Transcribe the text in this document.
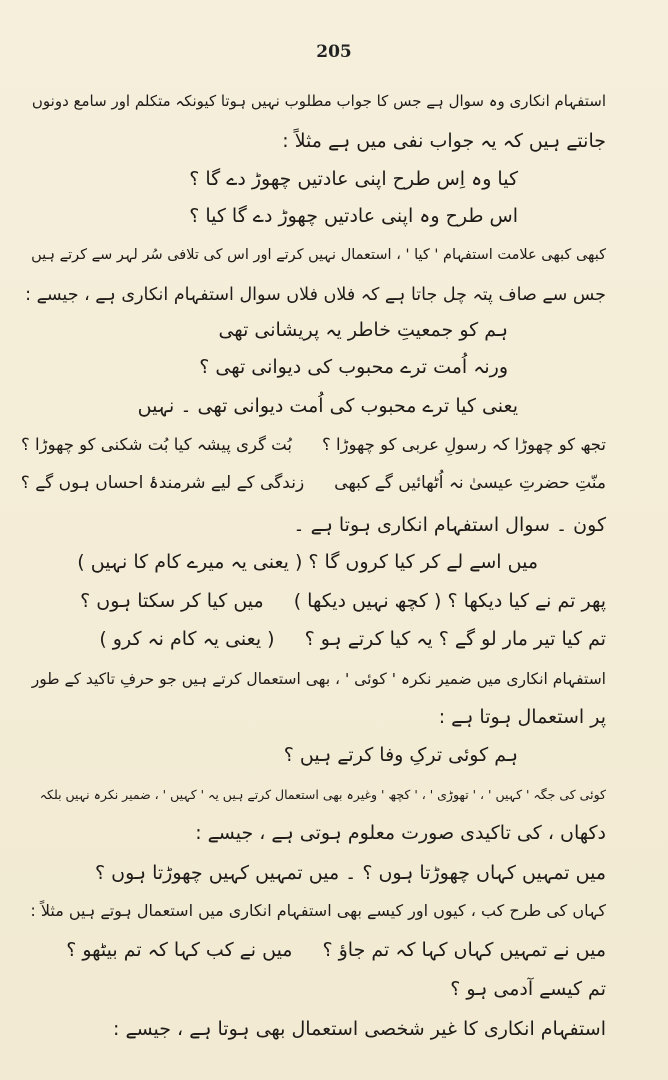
205
استفہام انکاری وہ سوال ہے جس کا جواب مطلوب نہیں ہوتا کیونکہ متکلم اور سامع دونوں
جانتے ہیں کہ یہ جواب نفی میں ہے مثلاً :
کیا وہ اِس طرح اپنی عادتیں چھوڑ دے گا ؟
اس طرح وہ اپنی عادتیں چھوڑ دے گا کیا ؟
کبھی کبھی علامت استفہام ' کیا ' ، استعمال نہیں کرتے اور اس کی تلافی سُر لہر سے کرتے ہیں
جس سے صاف پتہ چل جاتا ہے کہ فلاں فلاں سوال استفہام انکاری ہے ، جیسے :
ہم کو جمعیتِ خاطر یہ پریشانی تھی
ورنہ اُمت ترے محبوب کی دیوانی تھی ؟
یعنی کیا ترے محبوب کی اُمت دیوانی تھی ۔ نہیں
تجھ کو چھوڑا کہ رسولِ عربی کو چھوڑا ؟بُت گری پیشہ کیا بُت شکنی کو چھوڑا ؟
منّتِ حضرتِ عیسیٰ نہ اُٹھائیں گے کبھیزندگی کے لیے شرمندۂ احساں ہوں گے ؟
کون ۔ سوال استفہام انکاری ہوتا ہے ۔
میں اسے لے کر کیا کروں گا ؟ ( یعنی یہ میرے کام کا نہیں )
پھر تم نے کیا دیکھا ؟ ( کچھ نہیں دیکھا )میں کیا کر سکتا ہوں ؟
تم کیا تیر مار لو گے ؟ یہ کیا کرتے ہو ؟( یعنی یہ کام نہ کرو )
استفہام انکاری میں ضمیر نکرہ ' کوئی ' ، بھی استعمال کرتے ہیں جو حرفِ تاکید کے طور
پر استعمال ہوتا ہے :
ہم کوئی ترکِ وفا کرتے ہیں ؟
کوئی کی جگہ ' کہیں ' ، ' تھوڑی ' ، ' کچھ ' وغیرہ بھی استعمال کرتے ہیں یہ ' کہیں ' ، ضمیر نکرہ نہیں بلکہ
دکھاں ، کی تاکیدی صورت معلوم ہوتی ہے ، جیسے :
میں تمہیں کہاں چھوڑتا ہوں ؟ ۔ میں تمہیں کہیں چھوڑتا ہوں ؟
کہاں کی طرح کب ، کیوں اور کیسے بھی استفہام انکاری میں استعمال ہوتے ہیں مثلاً :
میں نے تمہیں کہاں کہا کہ تم جاؤ ؟میں نے کب کہا کہ تم بیٹھو ؟
تم کیسے آدمی ہو ؟
استفہام انکاری کا غیر شخصی استعمال بھی ہوتا ہے ، جیسے :
